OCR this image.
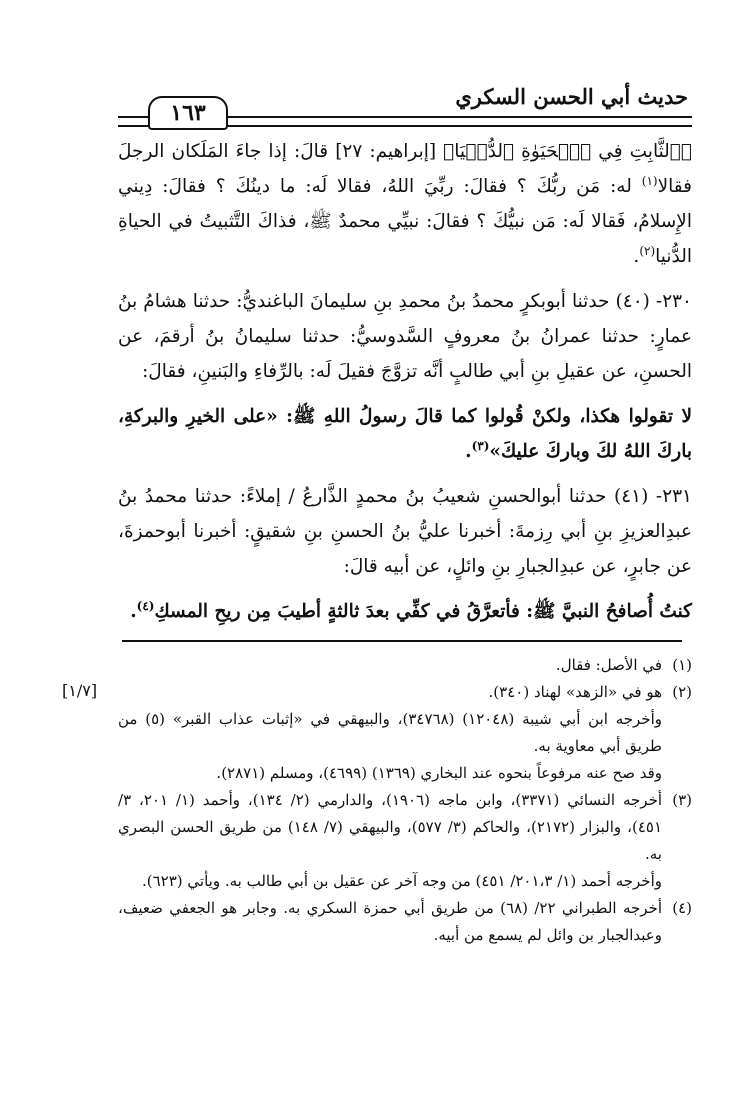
حديث أبي الحسن السكري
١٦٣

﴿ٱلثَّابِتِ فِي ٱلۡحَيَوٰةِ ٱلدُّنۡيَا﴾ [إبراهيم: ٢٧] قالَ: إذا جاءَ المَلَكان الرجلَ فقالا$^{(١)}$ له: مَن ربُّكَ ؟ فقالَ: ربِّيَ اللهُ، فقالا لَه: ما دينُكَ ؟ فقالَ: دِيني الإِسلامُ، فَقالا لَه: مَن نبيُّكَ ؟ فقالَ: نبيِّي محمدٌ ﷺ، فذاكَ التَّثبيتُ في الحياةِ الدُّنيا$^{(٢)}$.

٢٣٠- (٤٠) حدثنا أبوبكرٍ محمدُ بنُ محمدِ بنِ سليمانَ الباغنديُّ: حدثنا هشامُ بنُ عمارٍ: حدثنا عمرانُ بنُ معروفٍ السَّدوسيُّ: حدثنا سليمانُ بنُ أرقمَ، عن الحسنِ، عن عقيلِ بنِ أبي طالبٍ أنَّه تزوَّجَ فقيلَ لَه: بالرِّفاءِ والبَنينِ، فقالَ:

لا تقولوا هكذا، ولكنْ قُولوا كما قالَ رسولُ اللهِ ﷺ: «على الخيرِ والبركةِ، باركَ اللهُ لكَ وباركَ عليكَ»$^{(٣)}$.

٢٣١- (٤١) حدثنا أبوالحسنِ شعيبُ بنُ محمدٍ الذَّارعُ / إملاءً: حدثنا محمدُ بنُ عبدِالعزيزِ بنِ أبي رِزمةَ: أخبرنا عليُّ بنُ الحسنِ بنِ شقيقٍ: أخبرنا أبوحمزةَ، عن جابرٍ، عن عبدِالجبارِ بنِ وائلٍ، عن أبيه قالَ:

كنتُ أُصافحُ النبيَّ ﷺ: فأتعرَّقُ في كفِّي بعدَ ثالثةٍ أطيبَ مِن ريحِ المسكِ$^{(٤)}$.

[١/٧]
(١)
في الأصل: فقال.
(٢)
هو في «الزهد» لهناد (٣٤٠).

وأخرجه ابن أبي شيبة (١٢٠٤٨) (٣٤٧٦٨)، والبيهقي في «إثبات عذاب القبر» (٥) من طريق أبي معاوية به.

وقد صح عنه مرفوعاً بنحوه عند البخاري (١٣٦٩) (٤٦٩٩)، ومسلم (٢٨٧١).

(٣)
أخرجه النسائي (٣٣٧١)، وابن ماجه (١٩٠٦)، والدارمي (٢/ ١٣٤)، وأحمد (١/ ٢٠١، ٣/ ٤٥١)، والبزار (٢١٧٢)، والحاكم (٣/ ٥٧٧)، والبيهقي (٧/ ١٤٨) من طريق الحسن البصري به.

وأخرجه أحمد (١/ ٢٠١،٣/ ٤٥١) من وجه آخر عن عقيل بن أبي طالب به. ويأتي (٦٢٣).

(٤)
أخرجه الطبراني ٢٢/ (٦٨) من طريق أبي حمزة السكري به. وجابر هو الجعفي ضعيف، وعبدالجبار بن وائل لم يسمع من أبيه.
